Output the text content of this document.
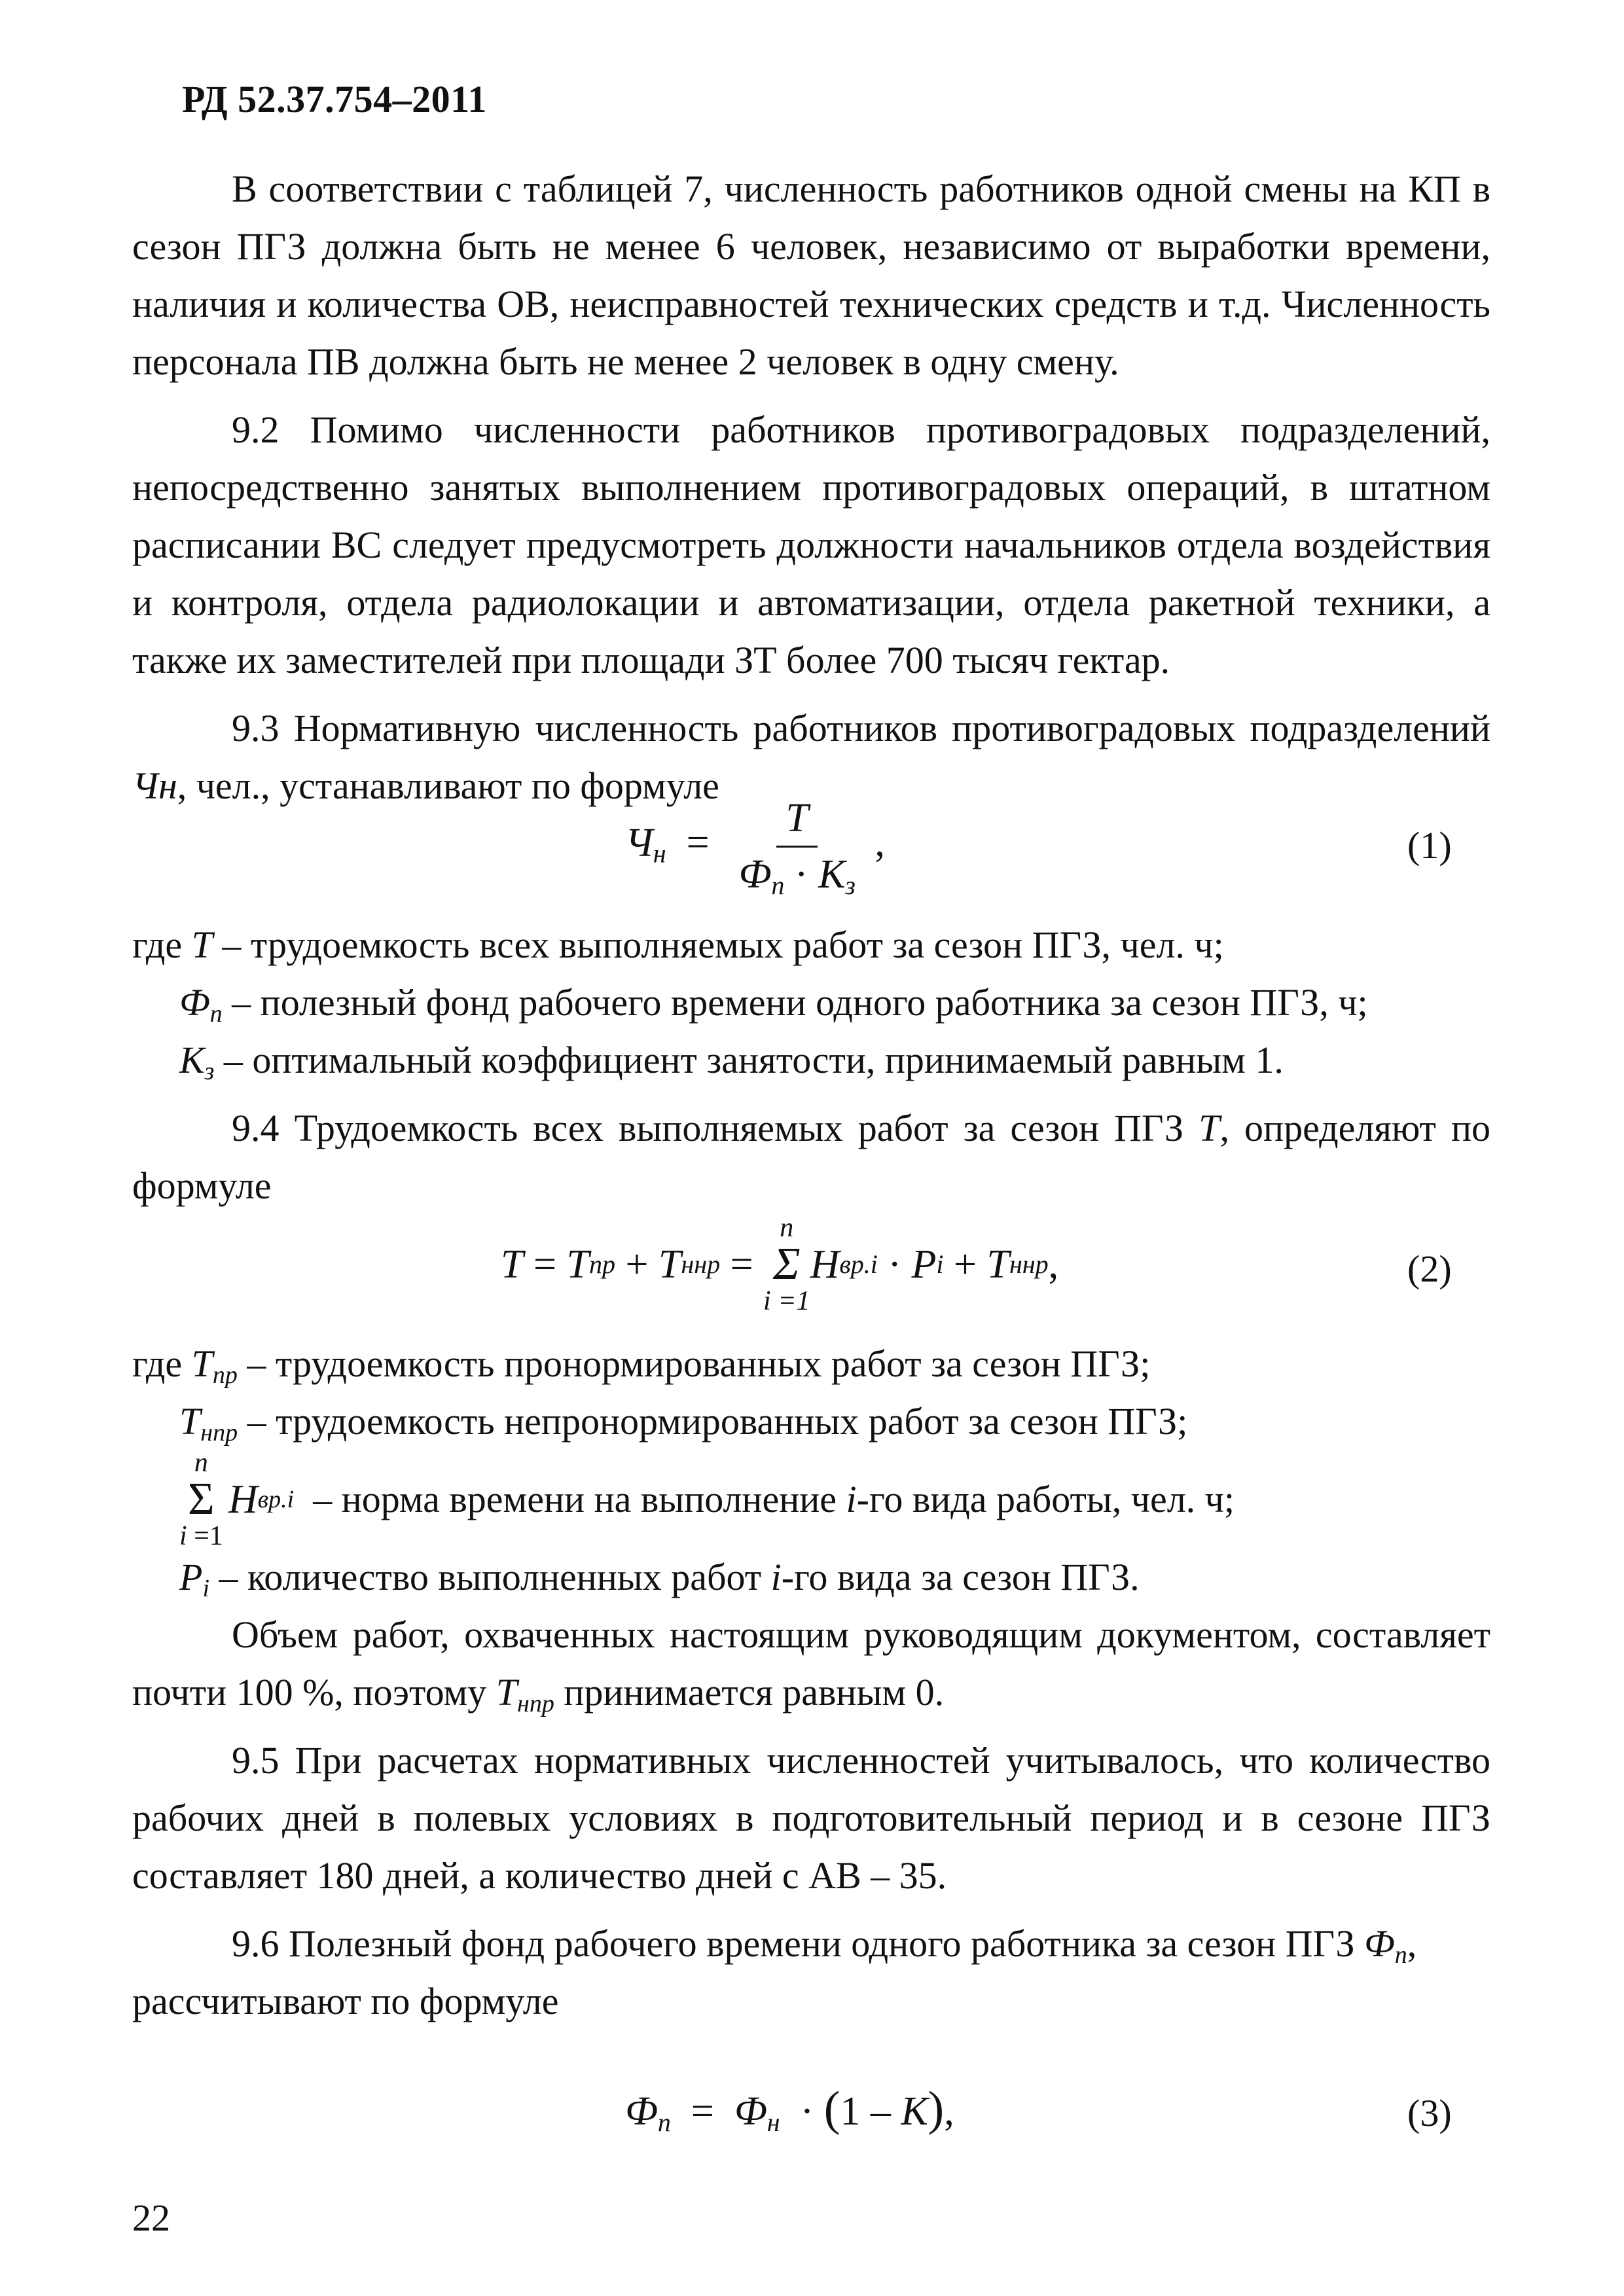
РД 52.37.754–2011

В соответствии с таблицей 7, численность работников одной смены на КП в сезон ПГЗ должна быть не менее 6 человек, независимо от выработки времени, наличия и количества ОВ, неисправностей технических средств и т.д. Численность персонала ПВ должна быть не менее 2 человек в одну смену.

9.2 Помимо численности работников противоградовых подразделений, непосредственно занятых выполнением противоградовых операций, в штатном расписании ВС следует предусмотреть должности начальников отдела воздействия и контроля, отдела радиолокации и автоматизации, отдела ракетной техники, а также их заместителей при площади ЗТ более 700 тысяч гектар.

9.3 Нормативную численность работников противоградовых подразделений Чн, чел., устанавливают по формуле

$Ч_н = \frac{T}{Ф_п \cdot К_з}$ ,	(1)

где Т – трудоемкость всех выполняемых работ за сезон ПГЗ, чел. ч;

$Ф_п$ – полезный фонд рабочего времени одного работника за сезон ПГЗ, ч;

$К_з$ – оптимальный коэффициент занятости, принимаемый равным 1.

9.4 Трудоемкость всех выполняемых работ за сезон ПГЗ Т, определяют по формуле

T = T пр + T ннр =
n
Σ
i =1
H вр.i · P i + T ннр ,	(2)

где $Т_{пр}$ – трудоемкость пронормированных работ за сезон ПГЗ;

$Т_{нпр}$ – трудоемкость непронормированных работ за сезон ПГЗ;

n
Σ
i =1
H вр.i
– норма времени на выполнение
i -го вида работы, чел. ч;

$P_i$ – количество выполненных работ i-го вида за сезон ПГЗ.

Объем работ, охваченных настоящим руководящим документом, составляет почти 100 %, поэтому $Т_{нпр}$ принимается равным 0.

9.5 При расчетах нормативных численностей учитывалось, что количество рабочих дней в полевых условиях в подготовительный период и в сезоне ПГЗ составляет 180 дней, а количество дней с АВ – 35.

9.6 Полезный фонд рабочего времени одного работника за сезон ПГЗ $Ф_п$,

рассчитывают по формуле

$Ф_п = Ф_н \cdot (1 - К)$,	(3)
22
